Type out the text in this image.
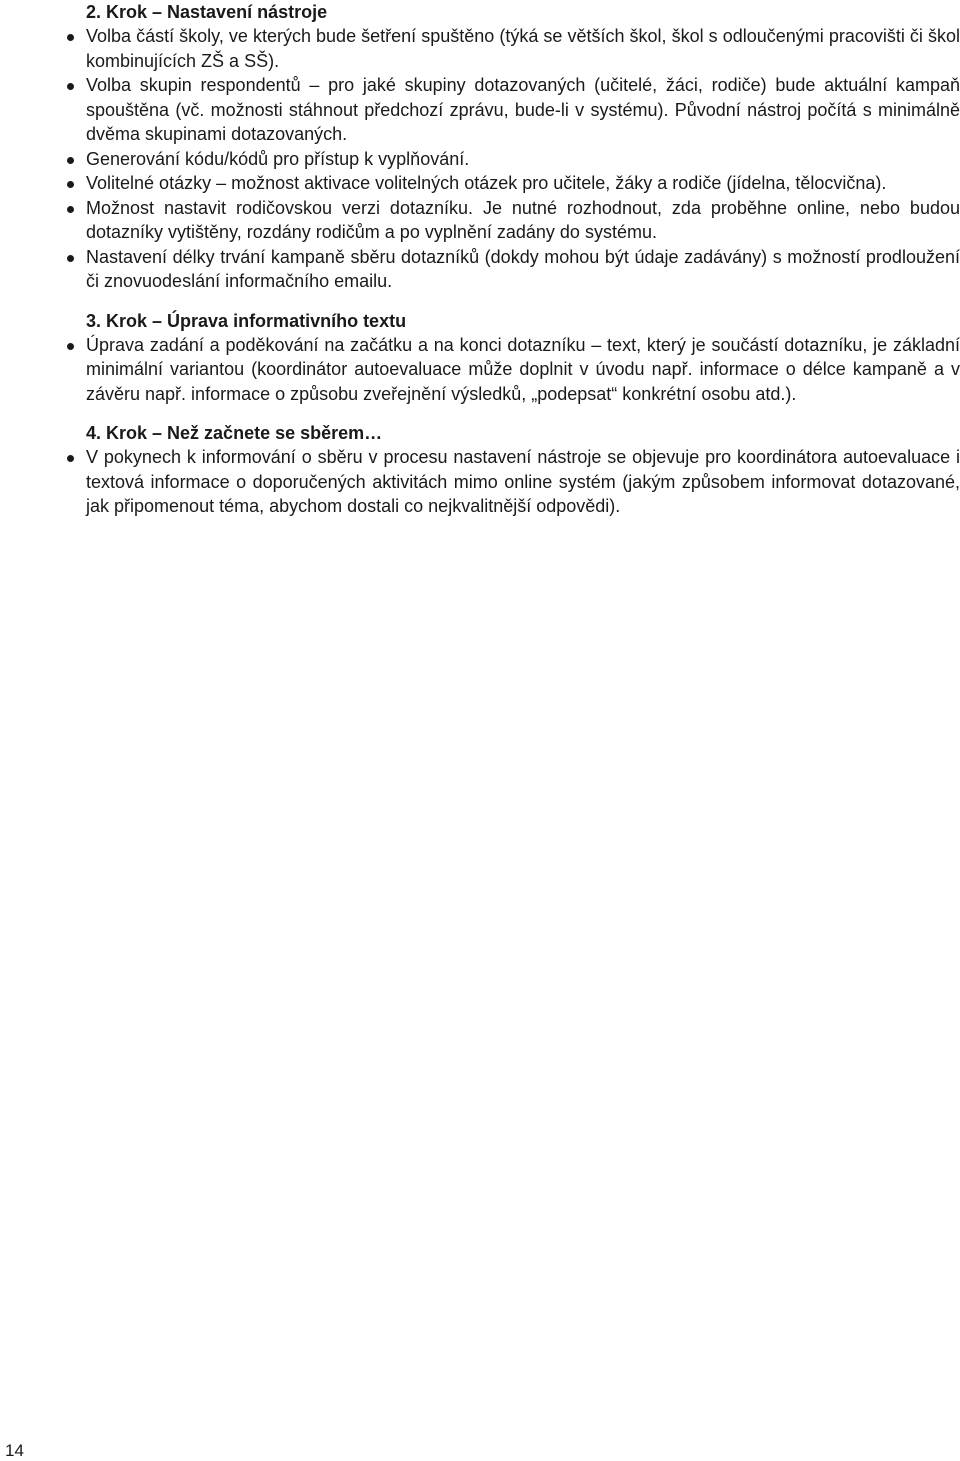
2. Krok – Nastavení nástroje
Volba částí školy, ve kterých bude šetření spuštěno (týká se větších škol, škol s odloučenými pracovišti či škol kombinujících ZŠ a SŠ).
Volba skupin respondentů – pro jaké skupiny dotazovaných (učitelé, žáci, rodiče) bude aktuální kampaň spouštěna (vč. možnosti stáhnout předchozí zprávu, bude-li v systému). Původní nástroj počítá s minimálně dvěma skupinami dotazovaných.
Generování kódu/kódů pro přístup k vyplňování.
Volitelné otázky – možnost aktivace volitelných otázek pro učitele, žáky a rodiče (jídelna, tělocvična).
Možnost nastavit rodičovskou verzi dotazníku. Je nutné rozhodnout, zda proběhne online, nebo budou dotazníky vytištěny, rozdány rodičům a po vyplnění zadány do systému.
Nastavení délky trvání kampaně sběru dotazníků (dokdy mohou být údaje zadávány) s možností prodloužení či znovuodeslání informačního emailu.
3. Krok – Úprava informativního textu
Úprava zadání a poděkování na začátku a na konci dotazníku – text, který je součástí dotazníku, je základní minimální variantou (koordinátor autoevaluace může doplnit v úvodu např. informace o délce kampaně a v závěru např. informace o způsobu zveřejnění výsledků, „podepsat“ konkrétní osobu atd.).
4. Krok – Než začnete se sběrem…
V pokynech k informování o sběru v procesu nastavení nástroje se objevuje pro koordinátora autoevaluace i textová informace o doporučených aktivitách mimo online systém (jakým způsobem informovat dotazované, jak připomenout téma, abychom dostali co nejkvalitnější odpovědi).
14
